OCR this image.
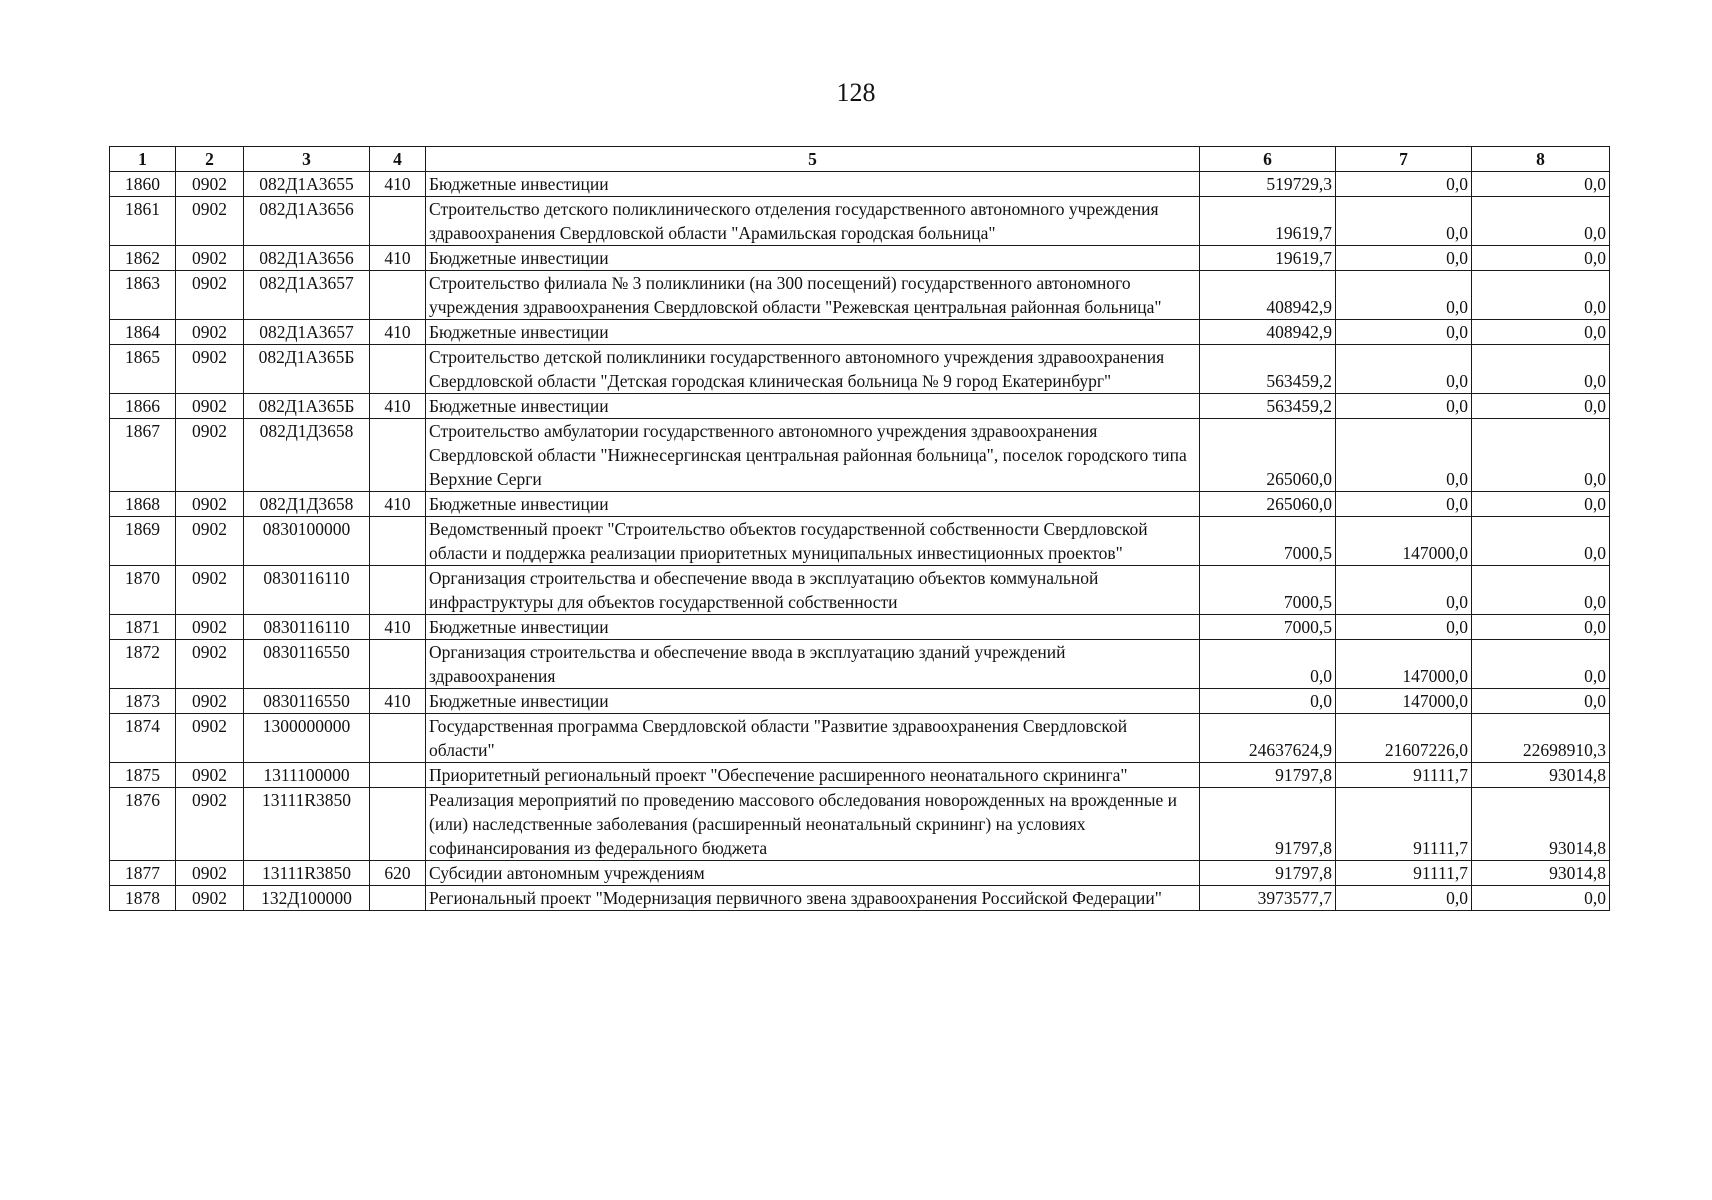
128
1	2	3	4	5	6	7	8
1860	0902	082Д1А3655	410	Бюджетные инвестиции	519729,3	0,0	0,0
1861	0902	082Д1А3656		Строительство детского поликлинического отделения государственного автономного учреждения здравоохранения Свердловской области "Арамильская городская больница"	19619,7	0,0	0,0
1862	0902	082Д1А3656	410	Бюджетные инвестиции	19619,7	0,0	0,0
1863	0902	082Д1А3657		Строительство филиала № 3 поликлиники (на 300 посещений) государственного автономного учреждения здравоохранения Свердловской области "Режевская центральная районная больница"	408942,9	0,0	0,0
1864	0902	082Д1А3657	410	Бюджетные инвестиции	408942,9	0,0	0,0
1865	0902	082Д1А365Б		Строительство детской поликлиники государственного автономного учреждения здравоохранения Свердловской области "Детская городская клиническая больница № 9 город Екатеринбург"	563459,2	0,0	0,0
1866	0902	082Д1А365Б	410	Бюджетные инвестиции	563459,2	0,0	0,0
1867	0902	082Д1Д3658		Строительство амбулатории государственного автономного учреждения здравоохранения Свердловской области "Нижнесергинская центральная районная больница", поселок городского типа Верхние Серги	265060,0	0,0	0,0
1868	0902	082Д1Д3658	410	Бюджетные инвестиции	265060,0	0,0	0,0
1869	0902	0830100000		Ведомственный проект "Строительство объектов государственной собственности Свердловской области и поддержка реализации приоритетных муниципальных инвестиционных проектов"	7000,5	147000,0	0,0
1870	0902	0830116110		Организация строительства и обеспечение ввода в эксплуатацию объектов коммунальной инфраструктуры для объектов государственной собственности	7000,5	0,0	0,0
1871	0902	0830116110	410	Бюджетные инвестиции	7000,5	0,0	0,0
1872	0902	0830116550		Организация строительства и обеспечение ввода в эксплуатацию зданий учреждений здравоохранения	0,0	147000,0	0,0
1873	0902	0830116550	410	Бюджетные инвестиции	0,0	147000,0	0,0
1874	0902	1300000000		Государственная программа Свердловской области "Развитие здравоохранения Свердловской области"	24637624,9	21607226,0	22698910,3
1875	0902	1311100000		Приоритетный региональный проект "Обеспечение расширенного неонатального скрининга"	91797,8	91111,7	93014,8
1876	0902	13111R3850		Реализация мероприятий по проведению массового обследования новорожденных на врожденные и (или) наследственные заболевания (расширенный неонатальный скрининг) на условиях софинансирования из федерального бюджета	91797,8	91111,7	93014,8
1877	0902	13111R3850	620	Субсидии автономным учреждениям	91797,8	91111,7	93014,8
1878	0902	132Д100000		Региональный проект "Модернизация первичного звена здравоохранения Российской Федерации"	3973577,7	0,0	0,0
